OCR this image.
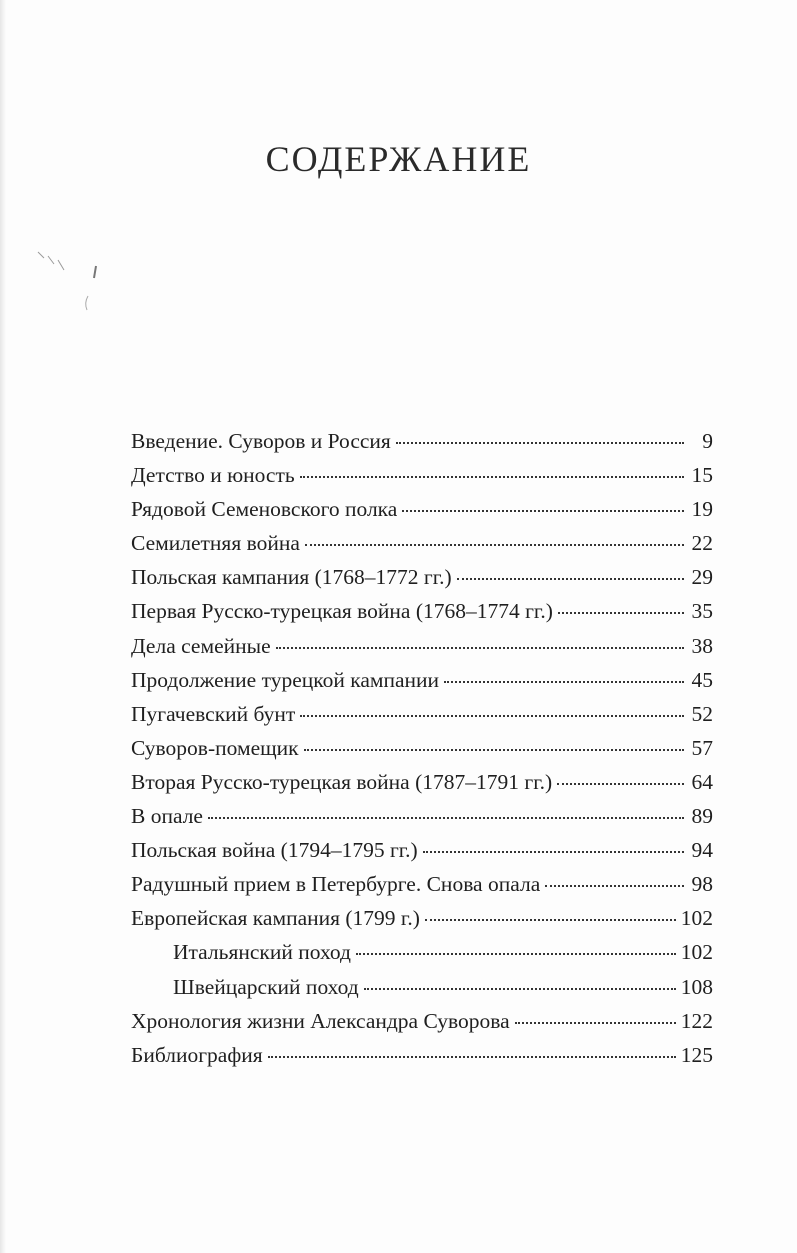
СОДЕРЖАНИЕ
Введение. Суворов и Россия	9
Детство и юность	15
Рядовой Семеновского полка	19
Семилетняя война	22
Польская кампания (1768–1772 гг.)	29
Первая Русско-турецкая война (1768–1774 гг.)	35
Дела семейные	38
Продолжение турецкой кампании	45
Пугачевский бунт	52
Суворов-помещик	57
Вторая Русско-турецкая война (1787–1791 гг.)	64
В опале	89
Польская война (1794–1795 гг.)	94
Радушный прием в Петербурге. Снова опала	98
Европейская кампания (1799 г.)	102
Итальянский поход	102
Швейцарский поход	108
Хронология жизни Александра Суворова	122
Библиография	125
